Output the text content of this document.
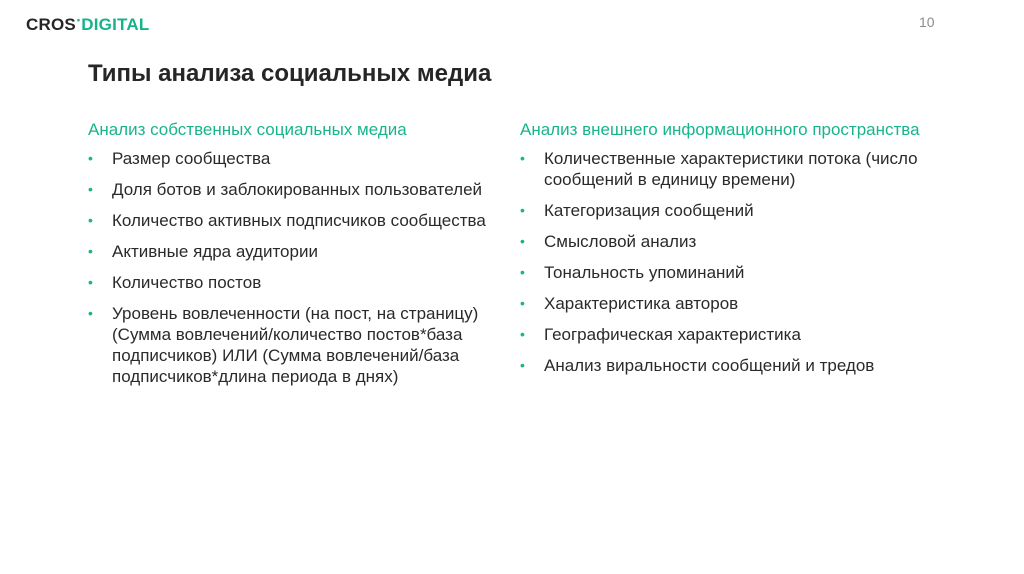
CROS•DIGITAL	10
Типы анализа социальных медиа
Анализ собственных социальных медиа
• Размер сообщества
• Доля ботов и заблокированных пользователей
• Количество активных подписчиков сообщества
• Активные ядра аудитории
• Количество постов
• Уровень вовлеченности (на пост, на страницу) (Сумма вовлечений/количество постов*база подписчиков) ИЛИ (Сумма вовлечений/база подписчиков*длина периода в днях)
Анализ внешнего информационного пространства
• Количественные характеристики потока (число сообщений в единицу времени)
• Категоризация сообщений
• Смысловой анализ
• Тональность упоминаний
• Характеристика авторов
• Географическая характеристика
• Анализ виральности сообщений и тредов
